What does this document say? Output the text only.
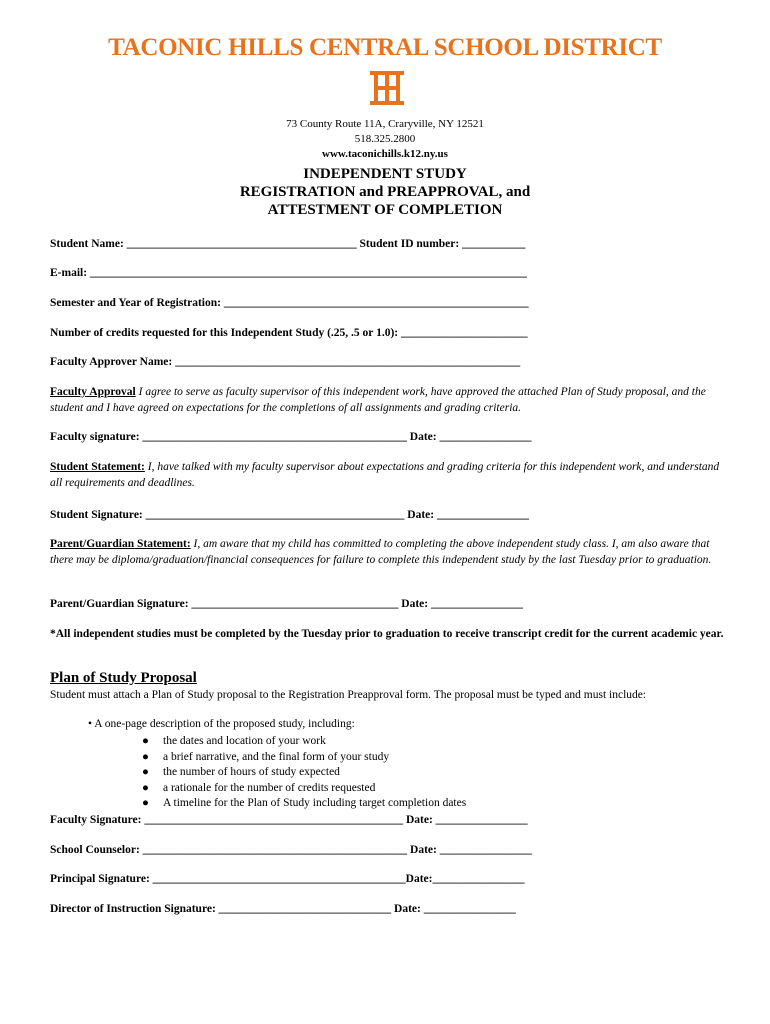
TACONIC HILLS CENTRAL SCHOOL DISTRICT
73 County Route 11A, Craryville, NY 12521
518.325.2800
www.taconichills.k12.ny.us
INDEPENDENT STUDY
REGISTRATION and PREAPPROVAL, and
ATTESTMENT OF COMPLETION
Student Name: ________________________________________ Student ID number: ___________
E-mail: ____________________________________________________________________________
Semester and Year of Registration: _____________________________________________________
Number of credits requested for this Independent Study (.25, .5 or 1.0): ______________________
Faculty Approver Name: ____________________________________________________________
Faculty Approval I agree to serve as faculty supervisor of this independent work, have approved the attached Plan of Study proposal, and the student and I have agreed on expectations for the completions of all assignments and grading criteria.
Faculty signature: ______________________________________________ Date: ________________
Student Statement: I, have talked with my faculty supervisor about expectations and grading criteria for this independent work, and understand all requirements and deadlines.
Student Signature: _____________________________________________ Date: ________________
Parent/Guardian Statement: I, am aware that my child has committed to completing the above independent study class. I, am also aware that there may be diploma/graduation/financial consequences for failure to complete this independent study by the last Tuesday prior to graduation.
Parent/Guardian Signature: ____________________________________ Date: ________________
*All independent studies must be completed by the Tuesday prior to graduation to receive transcript credit for the current academic year.
Plan of Study Proposal
Student must attach a Plan of Study proposal to the Registration Preapproval form. The proposal must be typed and must include:
• A one-page description of the proposed study, including:
● the dates and location of your work
● a brief narrative, and the final form of your study
● the number of hours of study expected
● a rationale for the number of credits requested
● A timeline for the Plan of Study including target completion dates
Faculty Signature: _____________________________________________ Date: ________________
School Counselor: ______________________________________________ Date: ________________
Principal Signature: ____________________________________________Date:________________
Director of Instruction Signature: ______________________________ Date: ________________
